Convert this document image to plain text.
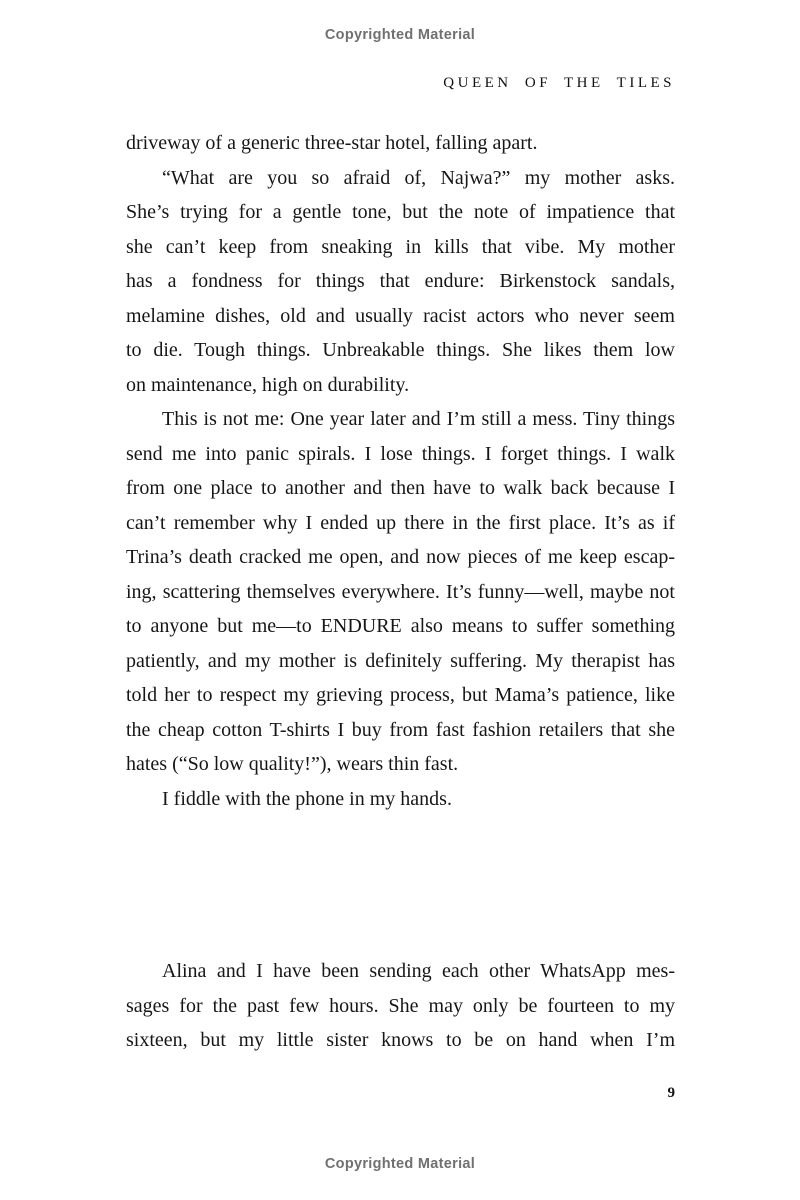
Copyrighted Material
QUEEN OF THE TILES
driveway of a generic three-star hotel, falling apart.
“What are you so afraid of, Najwa?” my mother asks.
She’s trying for a gentle tone, but the note of impatience that
she can’t keep from sneaking in kills that vibe. My mother
has a fondness for things that endure: Birkenstock sandals,
melamine dishes, old and usually racist actors who never seem
to die. Tough things. Unbreakable things. She likes them low
on maintenance, high on durability.
This is not me: One year later and I’m still a mess. Tiny things
send me into panic spirals. I lose things. I forget things. I walk
from one place to another and then have to walk back because I
can’t remember why I ended up there in the first place. It’s as if
Trina’s death cracked me open, and now pieces of me keep escap-
ing, scattering themselves everywhere. It’s funny—well, maybe not
to anyone but me—to ENDURE also means to suffer something
patiently, and my mother is definitely suffering. My therapist has
told her to respect my grieving process, but Mama’s patience, like
the cheap cotton T-shirts I buy from fast fashion retailers that she
hates (“So low quality!”), wears thin fast.
I fiddle with the phone in my hands.
Alina and I have been sending each other WhatsApp mes-
sages for the past few hours. She may only be fourteen to my
sixteen, but my little sister knows to be on hand when I’m
9
Copyrighted Material
